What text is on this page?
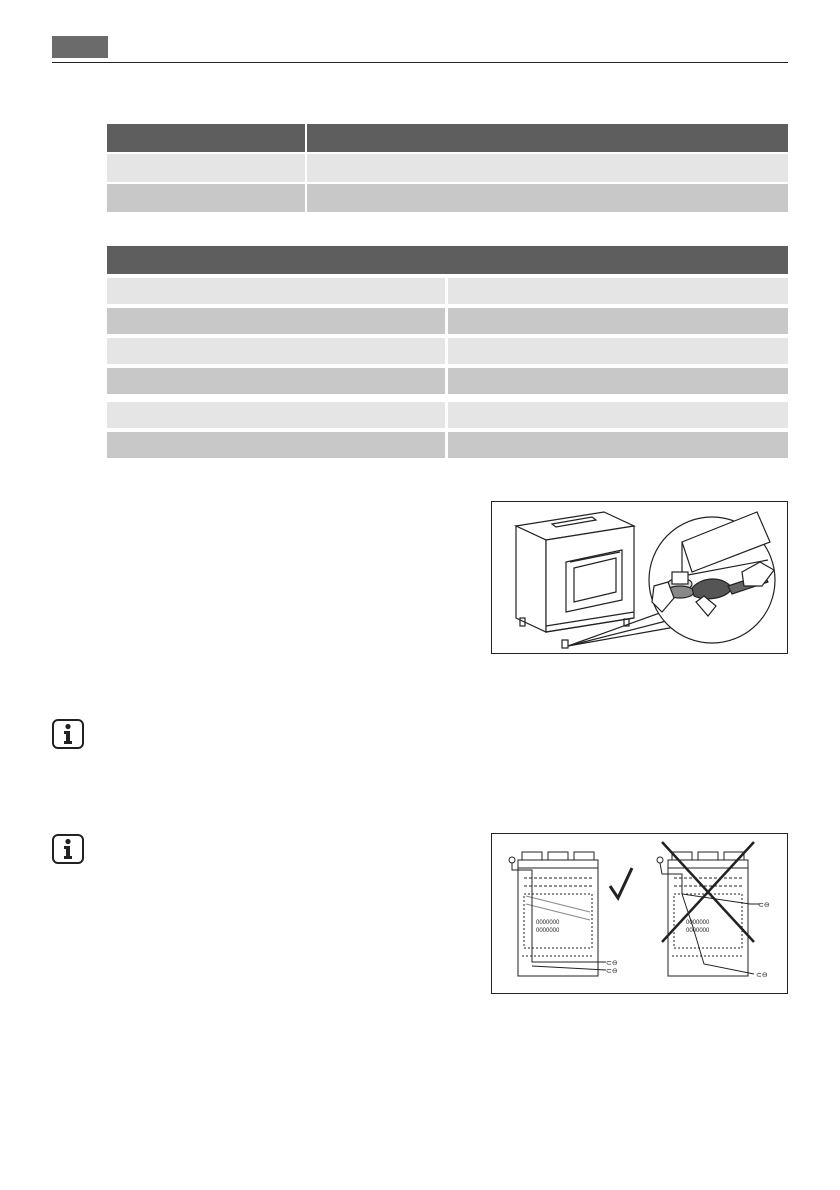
0000000
0000000
⊂⊖
⊂⊖
0000000
0000000
⊂⊖
⊂⊖
